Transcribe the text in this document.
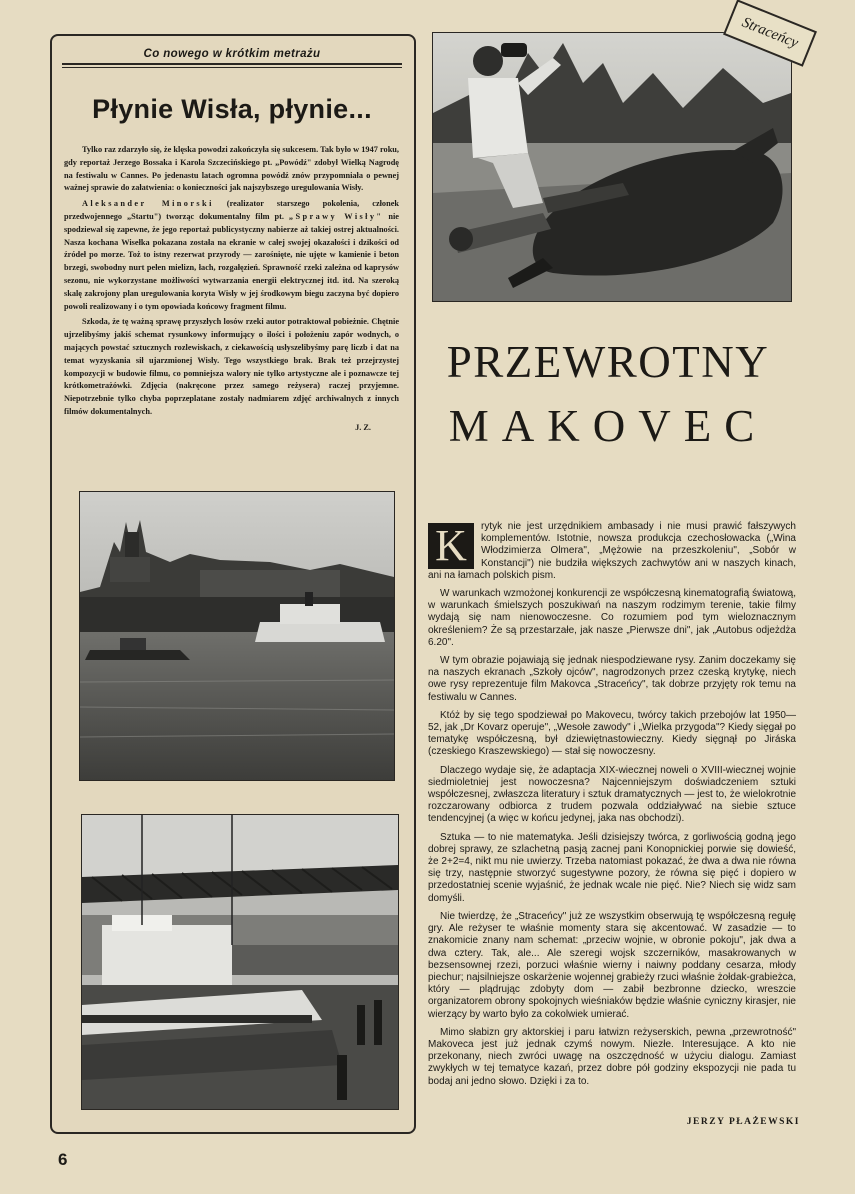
Co nowego w krótkim metrażu
Płynie Wisła, płynie...

Tylko raz zdarzyło się, że klęska powodzi zakończyła się sukcesem. Tak było w 1947 roku, gdy reportaż Jerzego Bossaka i Karola Szczecińskiego pt. „Powódź" zdobył Wielką Nagrodę na festiwalu w Cannes. Po jedenastu latach ogromna powódź znów przypomniała o pewnej ważnej sprawie do załatwienia: o konieczności jak najszybszego uregulowania Wisły.

Aleksander Minorski (realizator starszego pokolenia, członek przedwojennego „Startu") tworząc dokumentalny film pt. „Sprawy Wisły" nie spodziewał się zapewne, że jego reportaż publicystyczny nabierze aż takiej ostrej aktualności. Nasza kochana Wisełka pokazana została na ekranie w całej swojej okazałości i dzikości od źródeł po morze. Toż to istny rezerwat przyrody — zarośnięte, nie ujęte w kamienie i beton brzegi, swobodny nurt pełen mielizn, łach, rozgałęzień. Sprawność rzeki zależna od kaprysów sezonu, nie wykorzystane możliwości wytwarzania energii elektrycznej itd. itd. Na szeroką skalę zakrojony plan uregulowania koryta Wisły w jej środkowym biegu zaczyna być dopiero powoli realizowany i o tym opowiada końcowy fragment filmu.

Szkoda, że tę ważną sprawę przyszłych losów rzeki autor potraktował pobieżnie. Chętnie ujrzelibyśmy jakiś schemat rysunkowy informujący o ilości i położeniu zapór wodnych, o mających powstać sztucznych rozlewiskach, z ciekawością usłyszelibyśmy parę liczb i dat na temat wyzyskania sił ujarzmionej Wisły. Tego wszystkiego brak. Brak też przejrzystej kompozycji w budowie filmu, co pomniejsza walory nie tylko artystyczne ale i poznawcze tej krótkometrażówki. Zdjęcia (nakręcone przez samego reżysera) raczej przyjemne. Niepotrzebnie tylko chyba poprzeplatane zostały nadmiarem zdjęć archiwalnych z innych filmów dokumentalnych.

J. Z.
Straceńcy
PRZEWROTNY
MAKOVEC

K	rytyk nie jest urzędnikiem ambasady i nie musi prawić fałszywych komplementów. Istotnie, nowsza produkcja czechosłowacka („Wina Włodzimierza Olmera", „Mężowie na przeszkoleniu", „Sobór w Konstancji") nie budziła większych zachwytów ani w naszych kinach, ani na łamach polskich pism.

W warunkach wzmożonej konkurencji ze współczesną kinematografią światową, w warunkach śmielszych poszukiwań na naszym rodzimym terenie, takie filmy wydają się nam nienowoczesne. Co rozumiem pod tym wieloznacznym określeniem? Że są przestarzałe, jak nasze „Pierwsze dni", jak „Autobus odjeżdża 6.20".

W tym obrazie pojawiają się jednak niespodziewane rysy. Zanim doczekamy się na naszych ekranach „Szkoły ojców", nagrodzonych przez czeską krytykę, niech owe rysy reprezentuje film Makovca „Straceńcy", tak dobrze przyjęty rok temu na festiwalu w Cannes.

Któż by się tego spodziewał po Makovecu, twórcy takich przebojów lat 1950—52, jak „Dr Kovarz operuje", „Wesołe zawody" i „Wielka przygoda"? Kiedy sięgał po tematykę współczesną, był dziewiętnastowieczny. Kiedy sięgnął po Jiráska (czeskiego Kraszewskiego) — stał się nowoczesny.

Dlaczego wydaje się, że adaptacja XIX-wiecznej noweli o XVIII-wiecznej wojnie siedmioletniej jest nowoczesna? Najcenniejszym doświadczeniem sztuki współczesnej, zwłaszcza literatury i sztuk dramatycznych — jest to, że wielokrotnie rozczarowany odbiorca z trudem pozwala oddziaływać na siebie sztuce tendencyjnej (a więc w końcu jedynej, jaka nas obchodzi).

Sztuka — to nie matematyka. Jeśli dzisiejszy twórca, z gorliwością godną jego dobrej sprawy, ze szlachetną pasją zacnej pani Konopnickiej porwie się dowieść, że 2+2=4, nikt mu nie uwierzy. Trzeba natomiast pokazać, że dwa a dwa nie równa się trzy, następnie stworzyć sugestywne pozory, że równa się pięć i dopiero w przedostatniej scenie wyjaśnić, że jednak wcale nie pięć. Nie? Niech się widz sam domyśli.

Nie twierdzę, że „Straceńcy" już ze wszystkim obserwują tę współczesną regułę gry. Ale reżyser te właśnie momenty stara się akcentować. W zasadzie — to znakomicie znany nam schemat: „przeciw wojnie, w obronie pokoju", jak dwa a dwa cztery. Tak, ale... Ale szeregi wojsk szczerników, masakrowanych w bezsensownej rzezi, porzuci właśnie wierny i naiwny poddany cesarza, młody piechur; najsilniejsze oskarżenie wojennej grabieży rzuci właśnie żołdak-grabieżca, który — plądrując zdobyty dom — zabił bezbronne dziecko, wreszcie organizatorem obrony spokojnych wieśniaków będzie właśnie cyniczny kirasjer, nie wierzący by warto było za cokolwiek umierać.

Mimo słabizn gry aktorskiej i paru łatwizn reżyserskich, pewna „przewrotność" Makoveca jest już jednak czymś nowym. Niezłe. Interesujące. A kto nie przekonany, niech zwróci uwagę na oszczędność w użyciu dialogu. Zamiast zwykłych w tej tematyce kazań, przez dobre pół godziny ekspozycji nie pada tu bodaj ani jedno słowo. Dzięki i za to.

JERZY PŁAŻEWSKI
6
